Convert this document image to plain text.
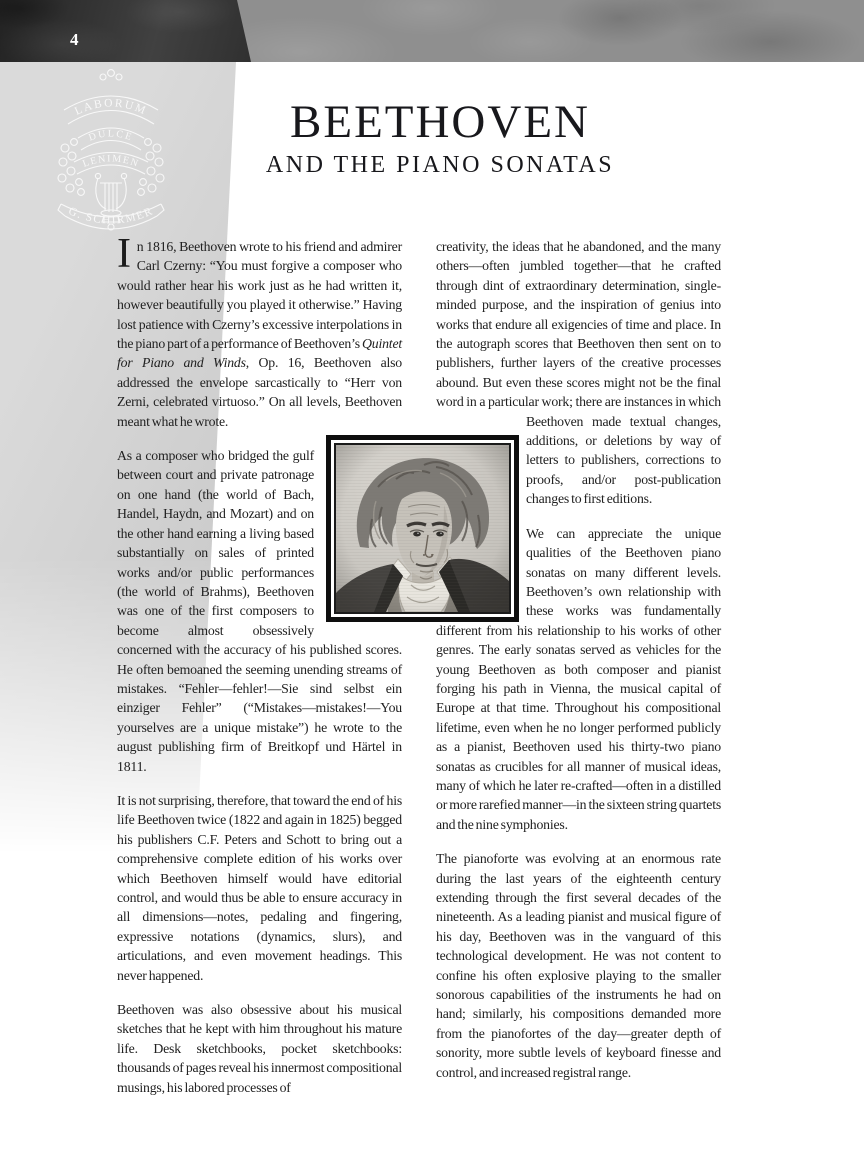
4
LABORUM
DULCE
LENIMEN
G. SCHIRMER
BEETHOVEN
AND THE PIANO SONATAS

In 1816, Beethoven wrote to his friend and admirer Carl Czerny: “You must forgive a composer who would rather hear his work just as he had written it, however beautifully you played it otherwise.” Having lost patience with Czerny’s excessive interpolations in the piano part of a performance of Beethoven’s Quintet for Piano and Winds, Op. 16, Beethoven also addressed the envelope sarcastically to “Herr von Zerni, celebrated virtuoso.” On all levels, Beethoven meant what he wrote.

As a composer who bridged the gulf between court and private patronage on one hand (the world of Bach, Handel, Haydn, and Mozart) and on the other hand earning a living based substantially on sales of printed works and/or public performances (the world of Brahms), Beethoven was one of the first composers to become almost obsessively concerned with the accuracy of his published scores. He often bemoaned the seeming unending streams of mistakes. “Fehler—fehler!—Sie sind selbst ein einziger Fehler” (“Mistakes—mistakes!—You yourselves are a unique mistake”) he wrote to the august publishing firm of Breitkopf und Härtel in 1811.

It is not surprising, therefore, that toward the end of his life Beethoven twice (1822 and again in 1825) begged his publishers C.F. Peters and Schott to bring out a comprehensive complete edition of his works over which Beethoven himself would have editorial control, and would thus be able to ensure accuracy in all dimensions—notes, pedaling and fingering, expressive notations (dynamics, slurs), and articulations, and even movement headings. This never happened.

Beethoven was also obsessive about his musical sketches that he kept with him throughout his mature life. Desk sketchbooks, pocket sketchbooks: thousands of pages reveal his innermost compositional musings, his labored processes of

creativity, the ideas that he abandoned, and the many others—often jumbled together—that he crafted through dint of extraordinary determination, single-minded purpose, and the inspiration of genius into works that endure all exigencies of time and place. In the autograph scores that Beethoven then sent on to publishers, further layers of the creative processes abound. But even these scores might not be the final word in a particular work; there are instances in which
Beethoven made textual changes, additions, or deletions by way of letters to publishers, corrections to proofs, and/or post-publication changes to first editions.

We can appreciate the unique qualities of the Beethoven piano sonatas on many different levels. Beethoven’s own relationship with these works was fundamentally different from his relationship to his works of other genres. The early sonatas served as vehicles for the young Beethoven as both composer and pianist forging his path in Vienna, the musical capital of Europe at that time. Throughout his compositional lifetime, even when he no longer performed publicly as a pianist, Beethoven used his thirty-two piano sonatas as crucibles for all manner of musical ideas, many of which he later re-crafted—often in a distilled or more rarefied manner—in the sixteen string quartets and the nine symphonies.

The pianoforte was evolving at an enormous rate during the last years of the eighteenth century extending through the first several decades of the nineteenth. As a leading pianist and musical figure of his day, Beethoven was in the vanguard of this technological development. He was not content to confine his often explosive playing to the smaller sonorous capabilities of the instruments he had on hand; similarly, his compositions demanded more from the pianofortes of the day—greater depth of sonority, more subtle levels of keyboard finesse and control, and increased registral range.
